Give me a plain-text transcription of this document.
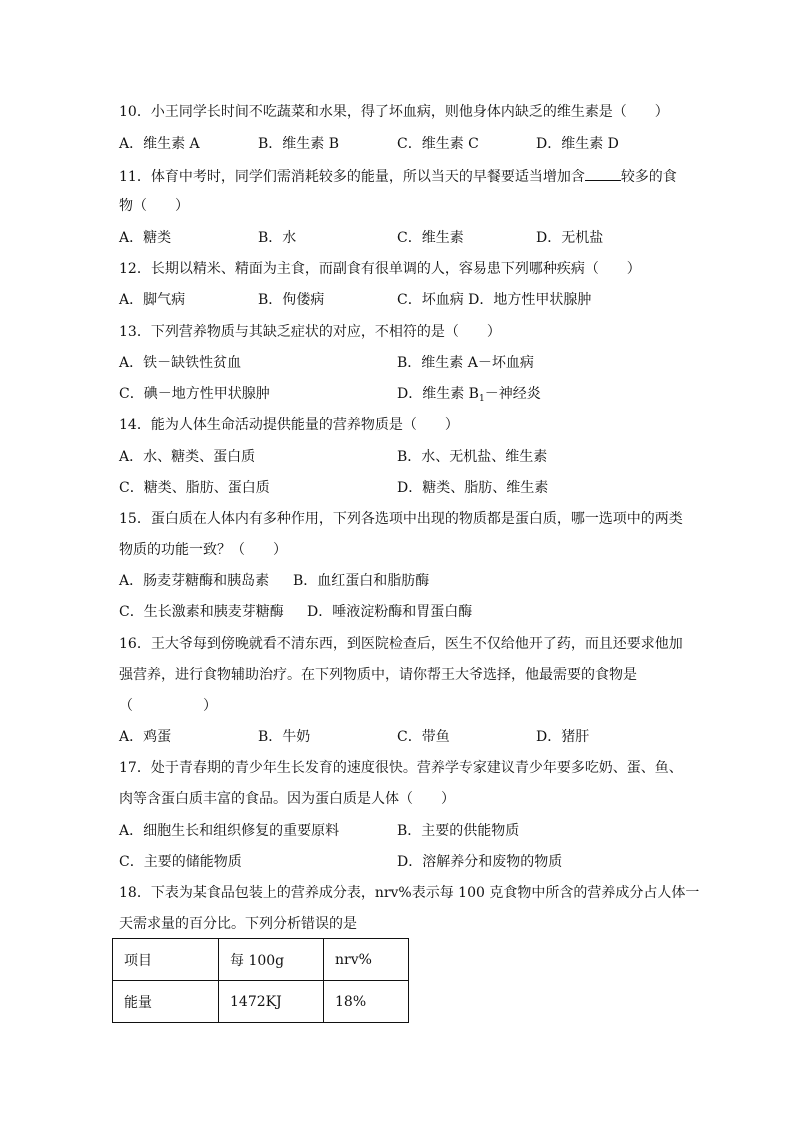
10．小王同学长时间不吃蔬菜和水果，得了坏血病，则他身体内缺乏的维生素是（　　）
A．维生素 A	B．维生素 B	C．维生素 C	D．维生素 D
11．体育中考时，同学们需消耗较多的能量，所以当天的早餐要适当增加含	较多的食
物（　　）
A．糖类	B．水	C．维生素	D．无机盐
12．长期以精米、精面为主食，而副食有很单调的人，容易患下列哪种疾病（　　）
A．脚气病	B．佝偻病	C．坏血病 D．地方性甲状腺肿
13．下列营养物质与其缺乏症状的对应，不相符的是（　　）
A．铁－缺铁性贫血	B．维生素 A－坏血病
C．碘－地方性甲状腺肿	D．维生素 $B_1-$神经炎
14．能为人体生命活动提供能量的营养物质是（　　）
A．水、糖类、蛋白质	B．水、无机盐、维生素
C．糖类、脂肪、蛋白质	D．糖类、脂肪、维生素
15．蛋白质在人体内有多种作用，下列各选项中出现的物质都是蛋白质，哪一选项中的两类
物质的功能一致？（　　）
A．肠麦芽糖酶和胰岛素 B．血红蛋白和脂肪酶
C．生长激素和胰麦芽糖酶 D．唾液淀粉酶和胃蛋白酶
16．王大爷每到傍晚就看不清东西，到医院检查后，医生不仅给他开了药，而且还要求他加
强营养，进行食物辅助治疗。在下列物质中，请你帮王大爷选择，他最需要的食物是
（　　　　　）
A．鸡蛋	B．牛奶	C．带鱼	D．猪肝
17．处于青春期的青少年生长发育的速度很快。营养学专家建议青少年要多吃奶、蛋、鱼、
肉等含蛋白质丰富的食品。因为蛋白质是人体（　　）
A．细胞生长和组织修复的重要原料	B．主要的供能物质
C．主要的储能物质	D．溶解养分和废物的物质
18．下表为某食品包装上的营养成分表，nrv%表示每 100 克食物中所含的营养成分占人体一
天需求量的百分比。下列分析错误的是
项目	每 100g	nrv%
能量	1472KJ	18%
